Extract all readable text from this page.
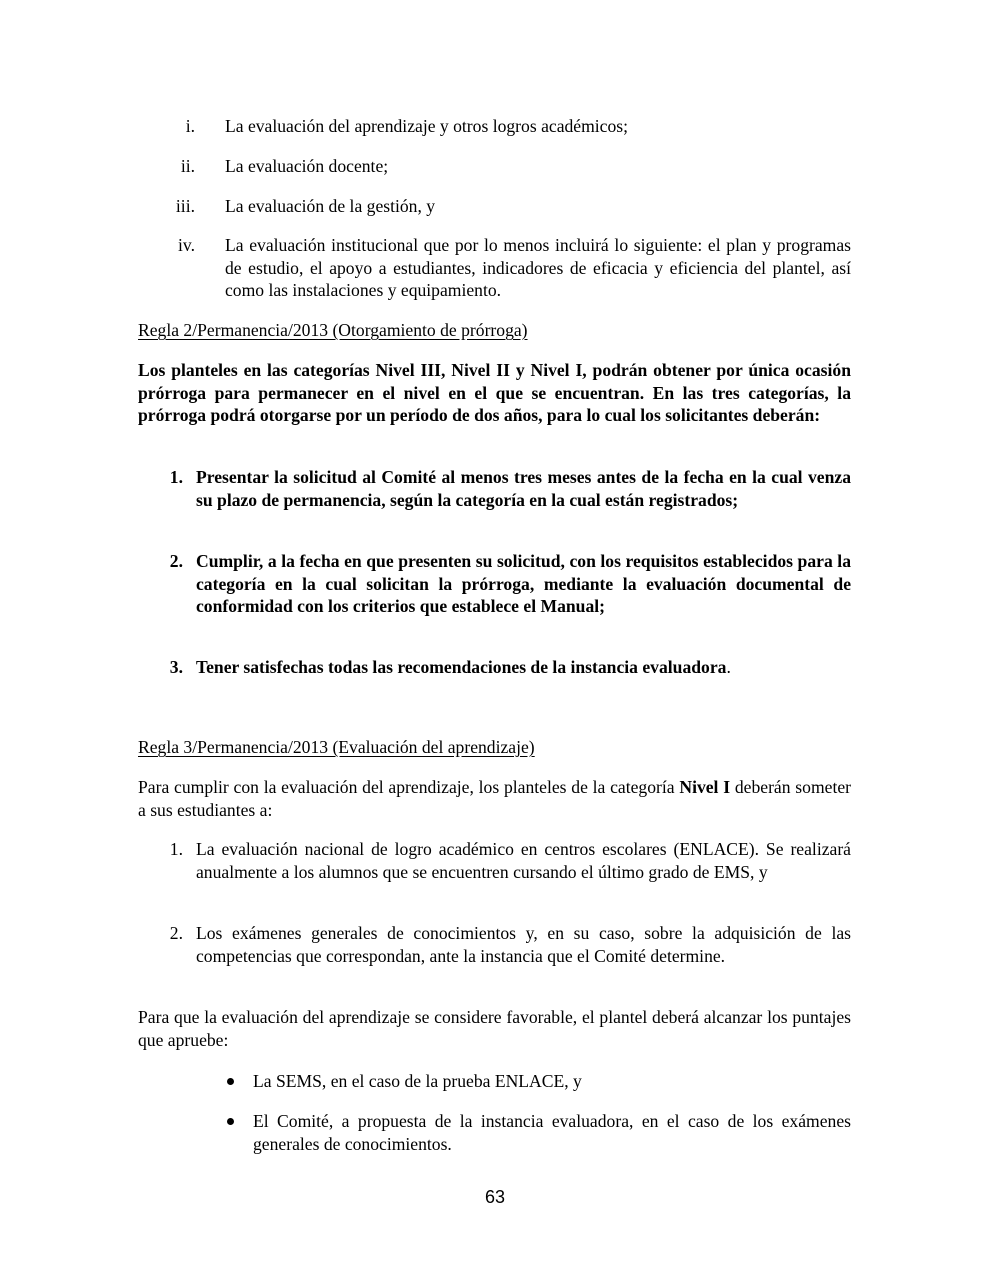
i. La evaluación del aprendizaje y otros logros académicos;
ii. La evaluación docente;
iii. La evaluación de la gestión, y
iv. La evaluación institucional que por lo menos incluirá lo siguiente: el plan y programas de estudio, el apoyo a estudiantes, indicadores de eficacia y eficiencia del plantel, así como las instalaciones y equipamiento.
Regla 2/Permanencia/2013 (Otorgamiento de prórroga)
Los planteles en las categorías Nivel III, Nivel II y Nivel I, podrán obtener por única ocasión prórroga para permanecer en el nivel en el que se encuentran. En las tres categorías, la prórroga podrá otorgarse por un período de dos años, para lo cual los solicitantes deberán:
1. Presentar la solicitud al Comité al menos tres meses antes de la fecha en la cual venza su plazo de permanencia, según la categoría en la cual están registrados;
2. Cumplir, a la fecha en que presenten su solicitud, con los requisitos establecidos para la categoría en la cual solicitan la prórroga, mediante la evaluación documental de conformidad con los criterios que establece el Manual;
3. Tener satisfechas todas las recomendaciones de la instancia evaluadora.
Regla 3/Permanencia/2013 (Evaluación del aprendizaje)
Para cumplir con la evaluación del aprendizaje, los planteles de la categoría Nivel I deberán someter a sus estudiantes a:
1. La evaluación nacional de logro académico en centros escolares (ENLACE). Se realizará anualmente a los alumnos que se encuentren cursando el último grado de EMS, y
2. Los exámenes generales de conocimientos y, en su caso, sobre la adquisición de las competencias que correspondan, ante la instancia que el Comité determine.
Para que la evaluación del aprendizaje se considere favorable, el plantel deberá alcanzar los puntajes que apruebe:
La SEMS, en el caso de la prueba ENLACE, y
El Comité, a propuesta de la instancia evaluadora, en el caso de los exámenes generales de conocimientos.
63
